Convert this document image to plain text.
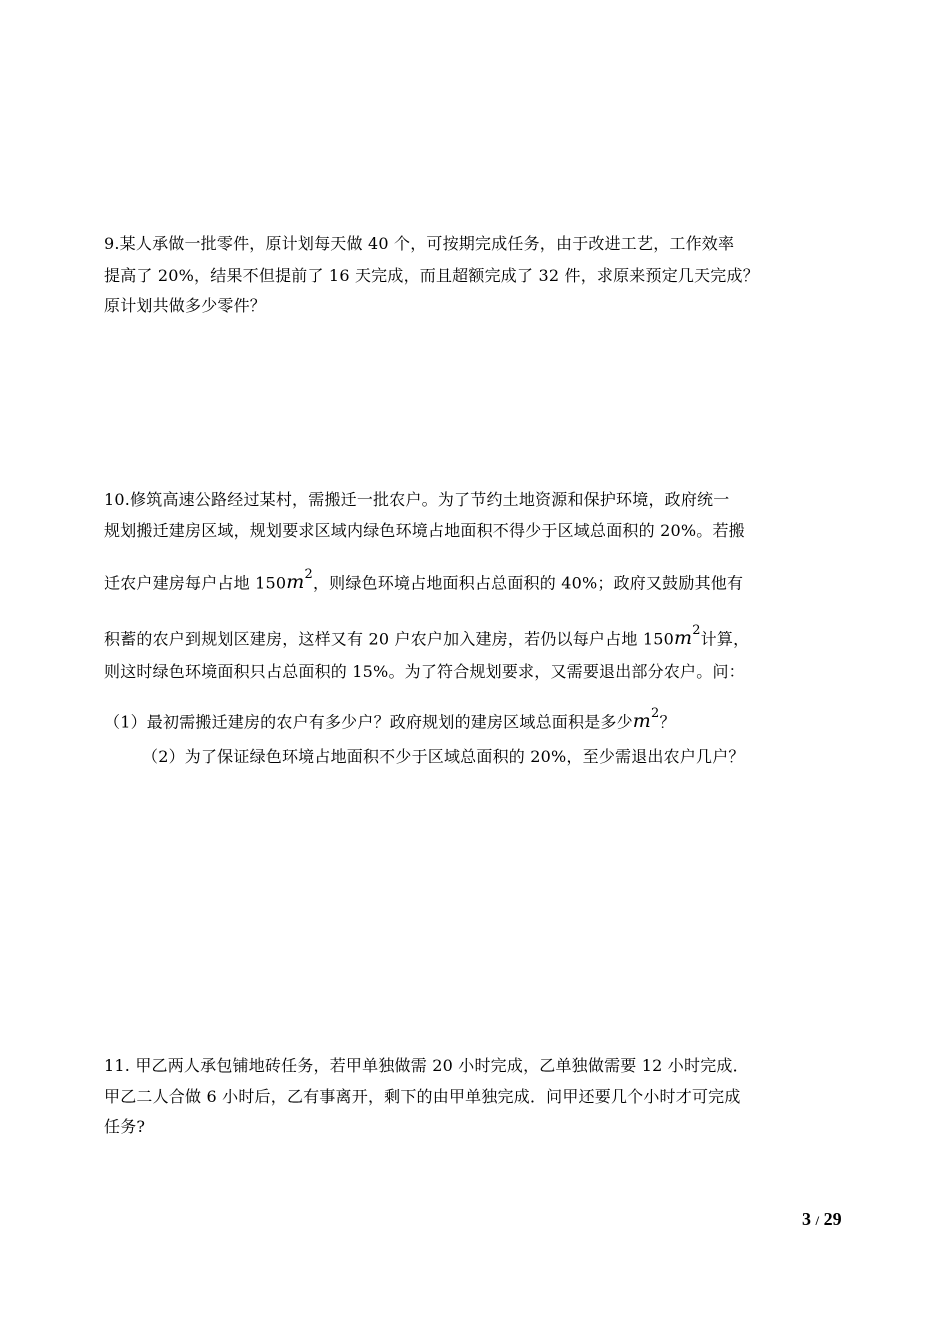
9.某人承做一批零件，原计划每天做 40 个，可按期完成任务，由于改进工艺，工作效率
提高了 20%，结果不但提前了 16 天完成，而且超额完成了 32 件，求原来预定几天完成？
原计划共做多少零件？
10.修筑高速公路经过某村，需搬迁一批农户。为了节约土地资源和保护环境，政府统一
规划搬迁建房区域，规划要求区域内绿色环境占地面积不得少于区域总面积的 20%。若搬
迁农户建房每户占地 $150m^2$，则绿色环境占地面积占总面积的 40%；政府又鼓励其他有
积蓄的农户到规划区建房，这样又有 20 户农户加入建房，若仍以每户占地 $150m^2$计算，
则这时绿色环境面积只占总面积的 15%。为了符合规划要求，又需要退出部分农户。问：
（1）最初需搬迁建房的农户有多少户？政府规划的建房区域总面积是多少$m^2$？
（2）为了保证绿色环境占地面积不少于区域总面积的 20%，至少需退出农户几户？
11. 甲乙两人承包铺地砖任务，若甲单独做需 20 小时完成，乙单独做需要 12 小时完成．
甲乙二人合做 6 小时后，乙有事离开，剩下的由甲单独完成．问甲还要几个小时才可完成
任务?
3 / 29
